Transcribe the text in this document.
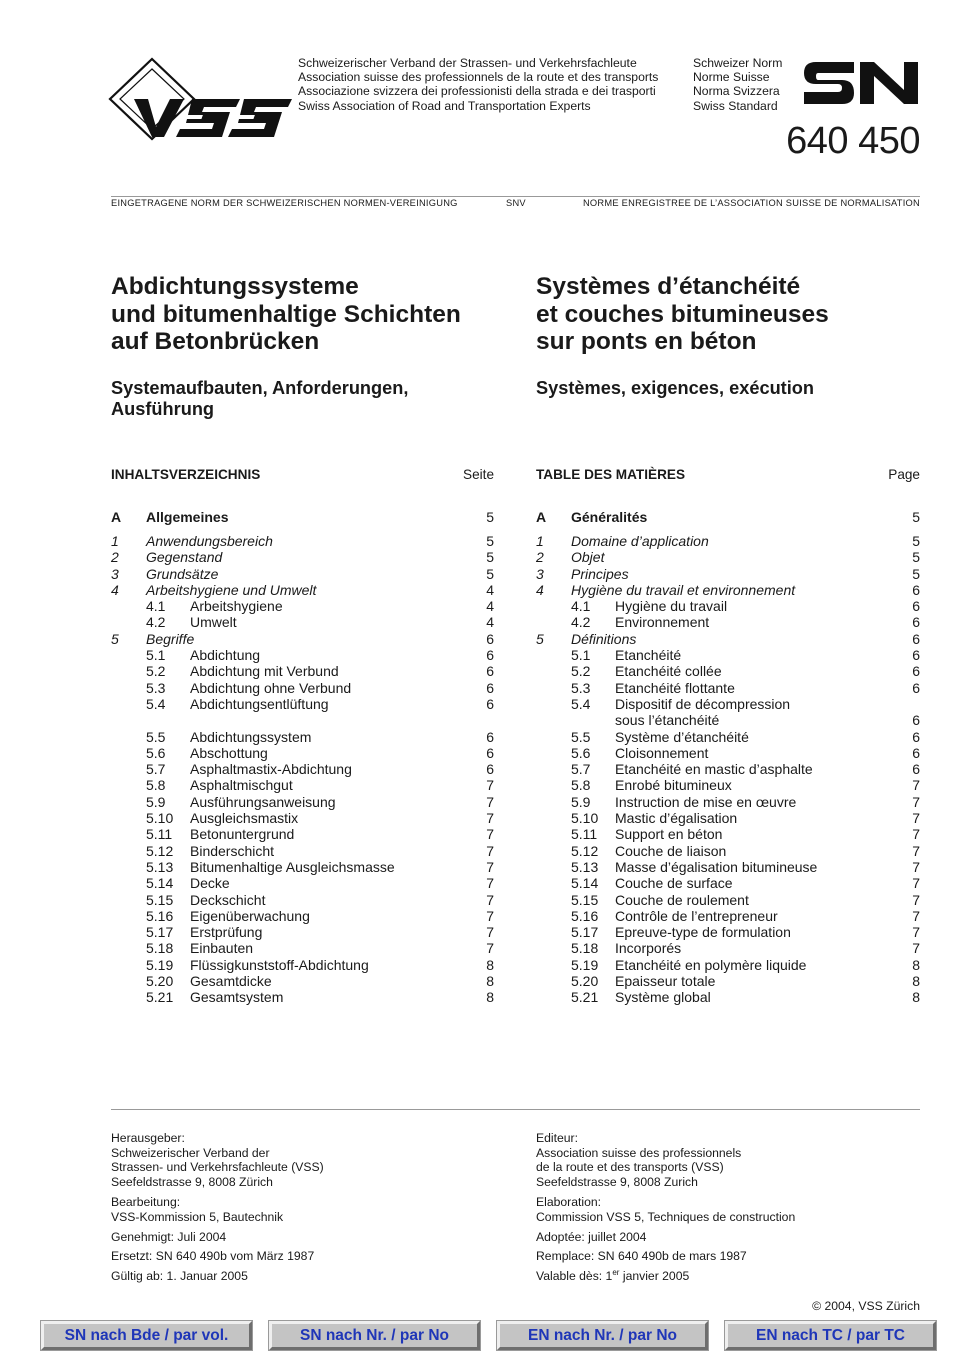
Schweizerischer Verband der Strassen- und Verkehrsfachleute
Association suisse des professionnels de la route et des transports
Associazione svizzera dei professionisti della strada e dei trasporti
Swiss Association of Road and Transportation Experts
Schweizer Norm
Norme Suisse
Norma Svizzera
Swiss Standard
640 450
EINGETRAGENE NORM DER SCHWEIZERISCHEN NORMEN-VEREINIGUNG	SNV	NORME ENREGISTREE DE L’ASSOCIATION SUISSE DE NORMALISATION
Abdichtungssysteme
und bitumenhaltige Schichten
auf Betonbrücken
Systèmes d’étanchéité
et couches bitumineuses
sur ponts en béton
Systemaufbauten, Anforderungen,
Ausführung
Systèmes, exigences, exécution
INHALTSVERZEICHNIS	Seite	TABLE DES MATIÈRES	Page
A Allgemeines	5
1 Anwendungsbereich	5
2 Gegenstand	5
3 Grundsätze	5
4 Arbeitshygiene und Umwelt	4
4.1 Arbeitshygiene	4
4.2 Umwelt	4
5 Begriffe	6
5.1 Abdichtung	6
5.2 Abdichtung mit Verbund	6
5.3 Abdichtung ohne Verbund	6
5.4 Abdichtungsentlüftung	6
5.5 Abdichtungssystem	6
5.6 Abschottung	6
5.7 Asphaltmastix-Abdichtung	6
5.8 Asphaltmischgut	7
5.9 Ausführungsanweisung	7
5.10 Ausgleichsmastix	7
5.11 Betonuntergrund	7
5.12 Binderschicht	7
5.13 Bitumenhaltige Ausgleichsmasse	7
5.14 Decke	7
5.15 Deckschicht	7
5.16 Eigenüberwachung	7
5.17 Erstprüfung	7
5.18 Einbauten	7
5.19 Flüssigkunststoff-Abdichtung	8
5.20 Gesamtdicke	8
5.21 Gesamtsystem	8
A Généralités	5
1 Domaine d’application	5
2 Objet	5
3 Principes	5
4 Hygiène du travail et environnement	6
4.1 Hygiène du travail	6
4.2 Environnement	6
5 Définitions	6
5.1 Etanchéité	6
5.2 Etanchéité collée	6
5.3 Etanchéité flottante	6
5.4 Dispositif de décompression
sous l’étanchéité	6
5.5 Système d’étanchéité	6
5.6 Cloisonnement	6
5.7 Etanchéité en mastic d’asphalte	6
5.8 Enrobé bitumineux	7
5.9 Instruction de mise en œuvre	7
5.10 Mastic d’égalisation	7
5.11 Support en béton	7
5.12 Couche de liaison	7
5.13 Masse d’égalisation bitumineuse	7
5.14 Couche de surface	7
5.15 Couche de roulement	7
5.16 Contrôle de l’entrepreneur	7
5.17 Epreuve-type de formulation	7
5.18 Incorporés	7
5.19 Etanchéité en polymère liquide	8
5.20 Epaisseur totale	8
5.21 Système global	8
Herausgeber:
Schweizerischer Verband der
Strassen- und Verkehrsfachleute (VSS)
Seefeldstrasse 9, 8008 Zürich
Bearbeitung:
VSS-Kommission 5, Bautechnik
Genehmigt: Juli 2004
Ersetzt: SN 640 490b vom März 1987
Gültig ab: 1. Januar 2005
Editeur:
Association suisse des professionnels
de la route et des transports (VSS)
Seefeldstrasse 9, 8008 Zurich
Elaboration:
Commission VSS 5, Techniques de construction
Adoptée: juillet 2004
Remplace: SN 640 490b de mars 1987
Valable dès: 1er janvier 2005
© 2004, VSS Zürich
SN nach Bde / par vol.	SN nach Nr. / par No	EN nach Nr. / par No	EN nach TC / par TC
